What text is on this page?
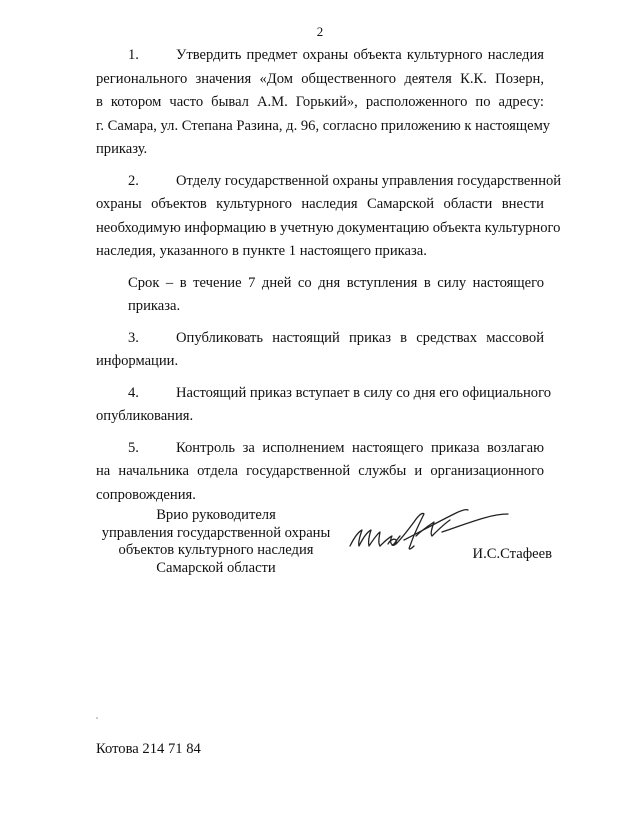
2
1.	Утвердить предмет охраны объекта культурного наследия
регионального значения «Дом общественного деятеля К.К. Позерн,
в котором часто бывал А.М. Горький», расположенного по адресу:
г. Самара, ул. Степана Разина, д. 96, согласно приложению к настоящему
приказу.
2.	Отделу государственной охраны управления государственной
охраны объектов культурного наследия Самарской области внести
необходимую информацию в учетную документацию объекта культурного
наследия, указанного в пункте 1 настоящего приказа.
Срок – в течение 7 дней со дня вступления в силу настоящего
приказа.
3.	Опубликовать настоящий приказ в средствах массовой
информации.
4.	Настоящий приказ вступает в силу со дня его официального
опубликования.
5.	Контроль за исполнением настоящего приказа возлагаю
на начальника отдела государственной службы и организационного
сопровождения.
Врио руководителя
управления государственной охраны
объектов культурного наследия
Самарской области
И.С.Стафеев
Котова 214 71 84
